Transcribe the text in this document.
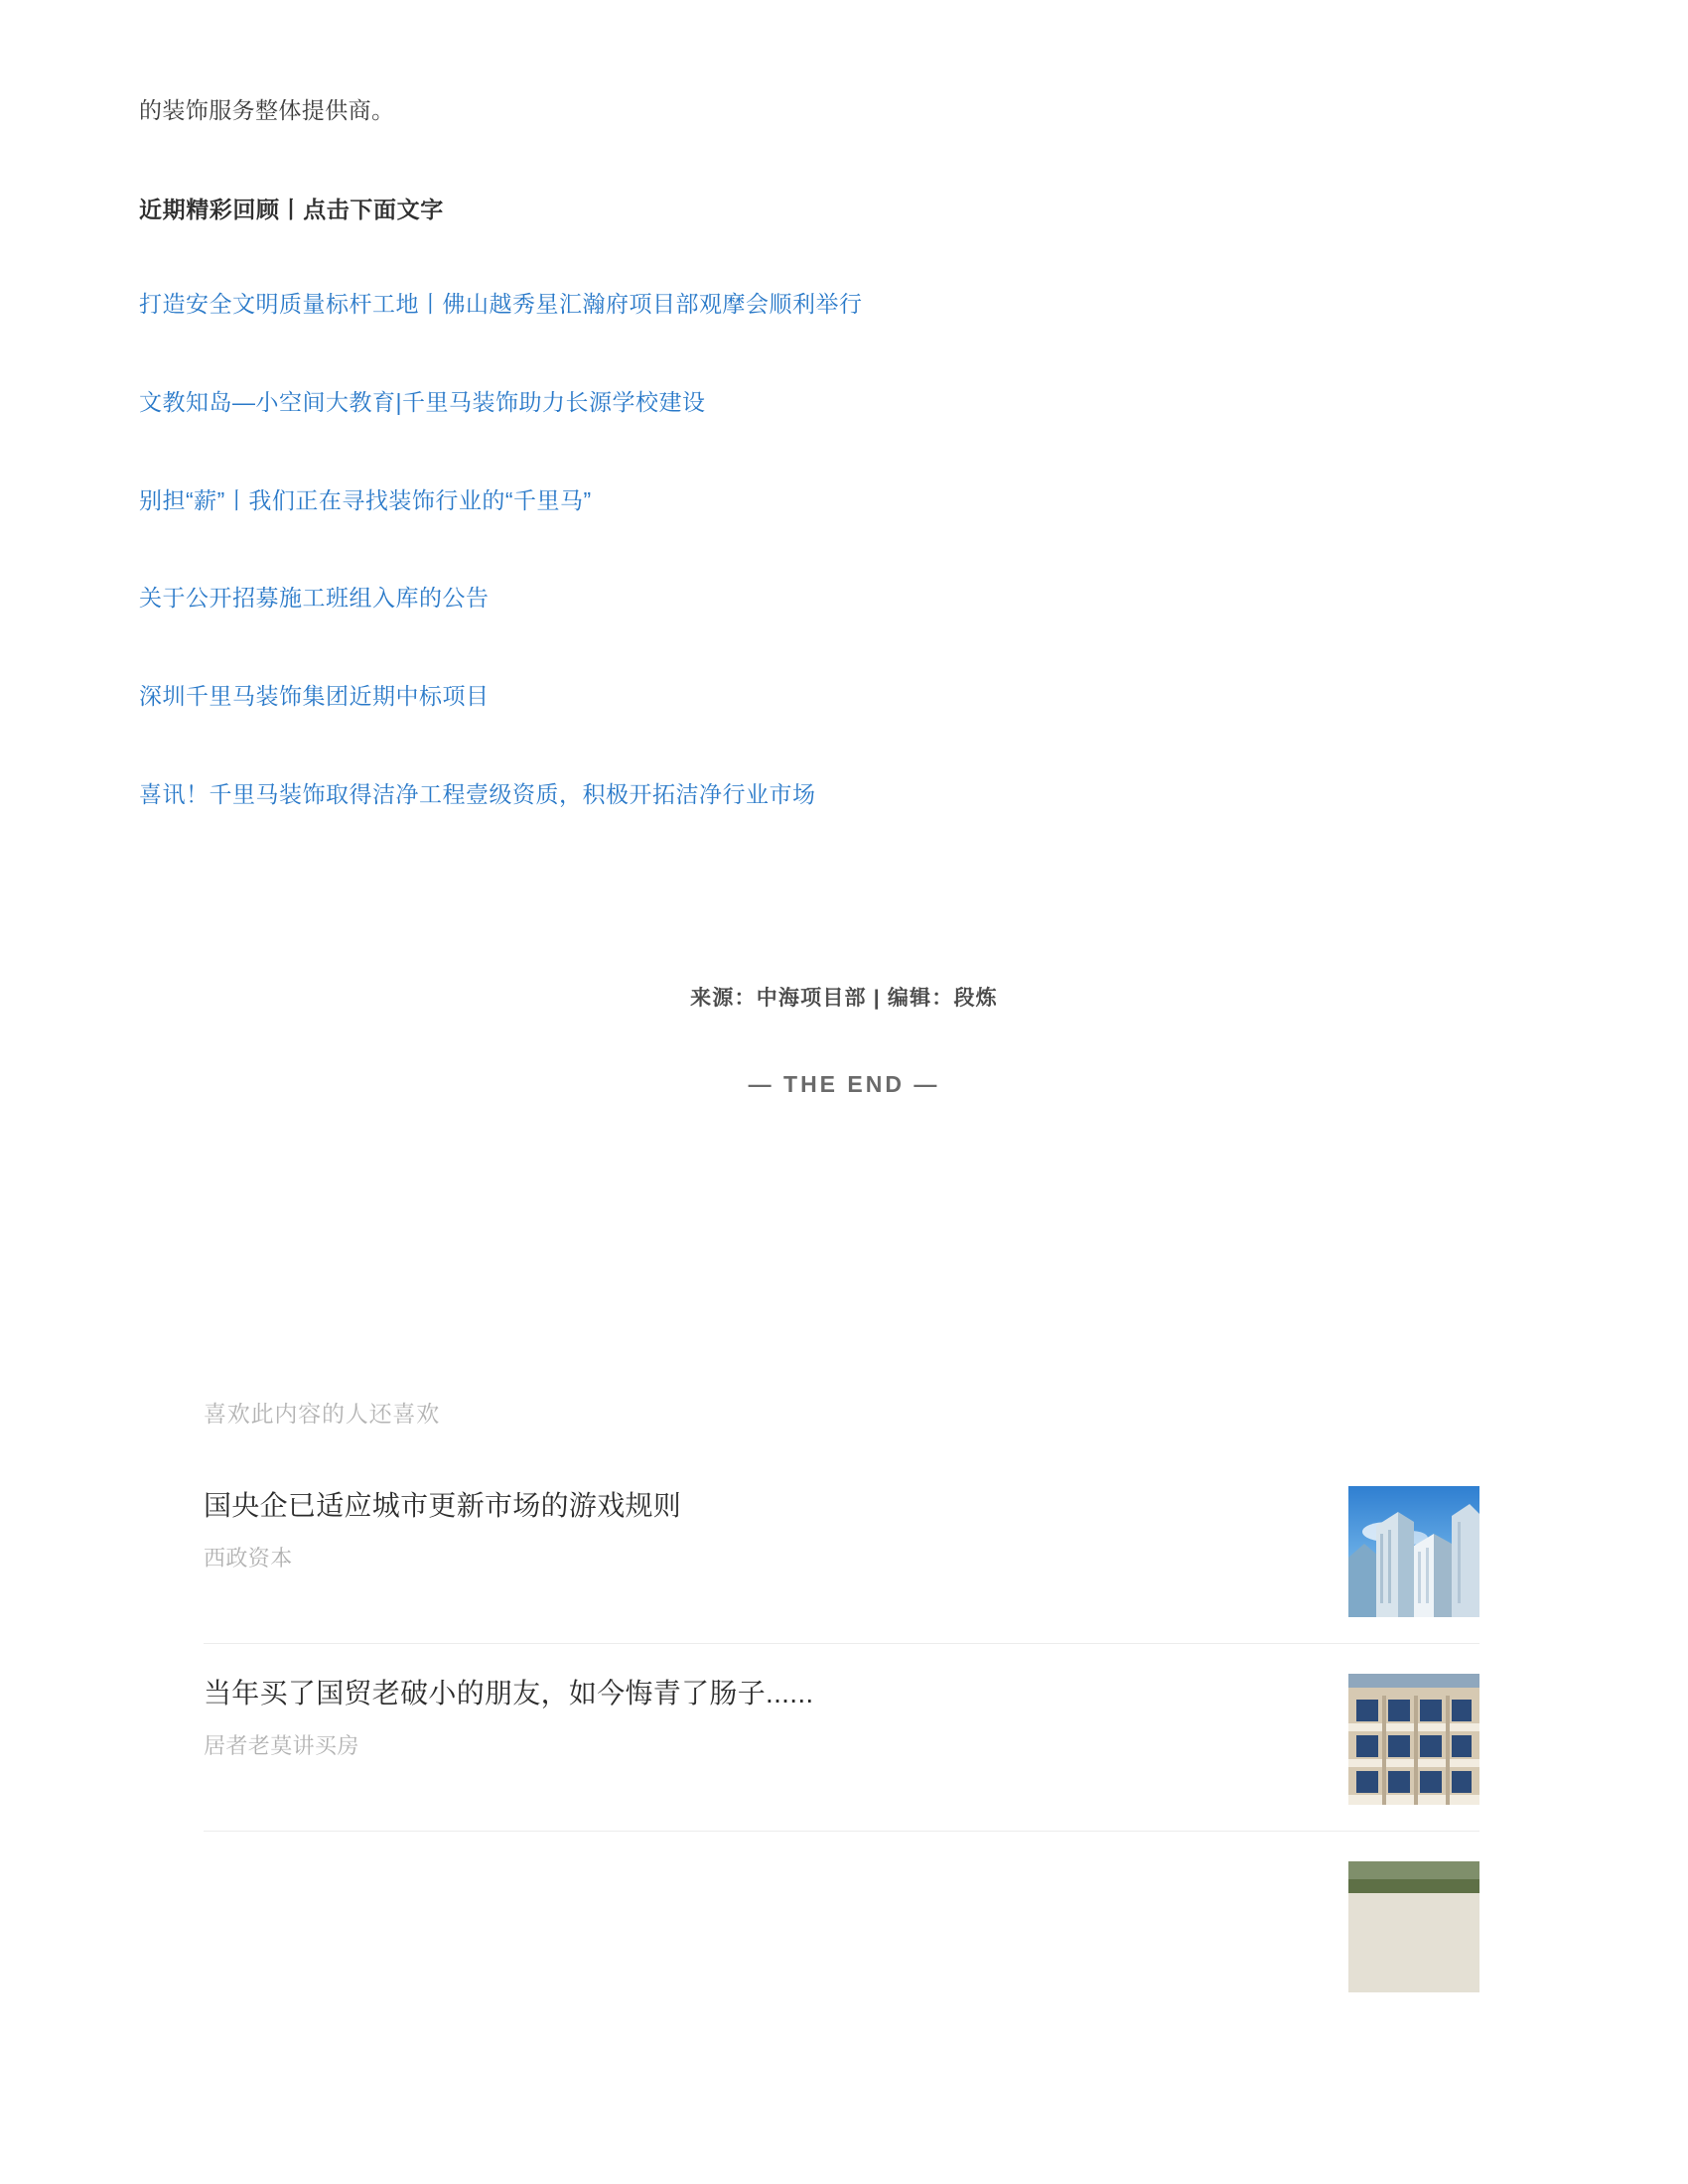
的装饰服务整体提供商。

近期精彩回顾丨点击下面文字

打造安全文明质量标杆工地丨佛山越秀星汇瀚府项目部观摩会顺利举行
文教知岛—小空间大教育|千里马装饰助力长源学校建设
别担“薪”丨我们正在寻找装饰行业的“千里马”
关于公开招募施工班组入库的公告
深圳千里马装饰集团近期中标项目
喜讯！千里马装饰取得洁净工程壹级资质，积极开拓洁净行业市场

来源：中海项目部 | 编辑：段炼

— THE END —

喜欢此内容的人还喜欢
国央企已适应城市更新市场的游戏规则
西政资本
当年买了国贸老破小的朋友，如今悔青了肠子......
居者老莫讲买房
